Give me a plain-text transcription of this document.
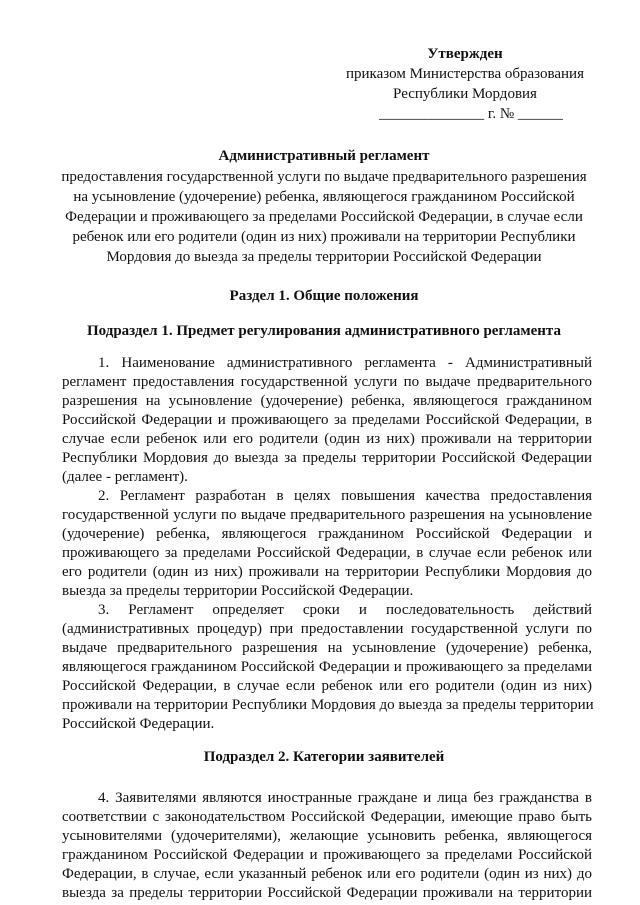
Утвержден
приказом Министерства образования
Республики Мордовия
______________ г. № ______
Административный регламент
предоставления государственной услуги по выдаче предварительного разрешения
на усыновление (удочерение) ребенка, являющегося гражданином Российской
Федерации и проживающего за пределами Российской Федерации, в случае если
ребенок или его родители (один из них) проживали на территории Республики
Мордовия до выезда за пределы территории Российской Федерации
Раздел 1. Общие положения
Подраздел 1. Предмет регулирования административного регламента
1. Наименование административного регламента - Административный
регламент предоставления государственной услуги по выдаче предварительного
разрешения на усыновление (удочерение) ребенка, являющегося гражданином
Российской Федерации и проживающего за пределами Российской Федерации, в
случае если ребенок или его родители (один из них) проживали на территории
Республики Мордовия до выезда за пределы территории Российской Федерации
(далее - регламент).
2. Регламент разработан в целях повышения качества предоставления
государственной услуги по выдаче предварительного разрешения на усыновление
(удочерение) ребенка, являющегося гражданином Российской Федерации и
проживающего за пределами Российской Федерации, в случае если ребенок или
его родители (один из них) проживали на территории Республики Мордовия до
выезда за пределы территории Российской Федерации.
3. Регламент определяет сроки и последовательность действий
(административных процедур) при предоставлении государственной услуги по
выдаче предварительного разрешения на усыновление (удочерение) ребенка,
являющегося гражданином Российской Федерации и проживающего за пределами
Российской Федерации, в случае если ребенок или его родители (один из них)
проживали на территории Республики Мордовия до выезда за пределы территории
Российской Федерации.
Подраздел 2. Категории заявителей
4. Заявителями являются иностранные граждане и лица без гражданства в
соответствии с законодательством Российской Федерации, имеющие право быть
усыновителями (удочерителями), желающие усыновить ребенка, являющегося
гражданином Российской Федерации и проживающего за пределами Российской
Федерации, в случае, если указанный ребенок или его родители (один из них) до
выезда за пределы территории Российской Федерации проживали на территории
